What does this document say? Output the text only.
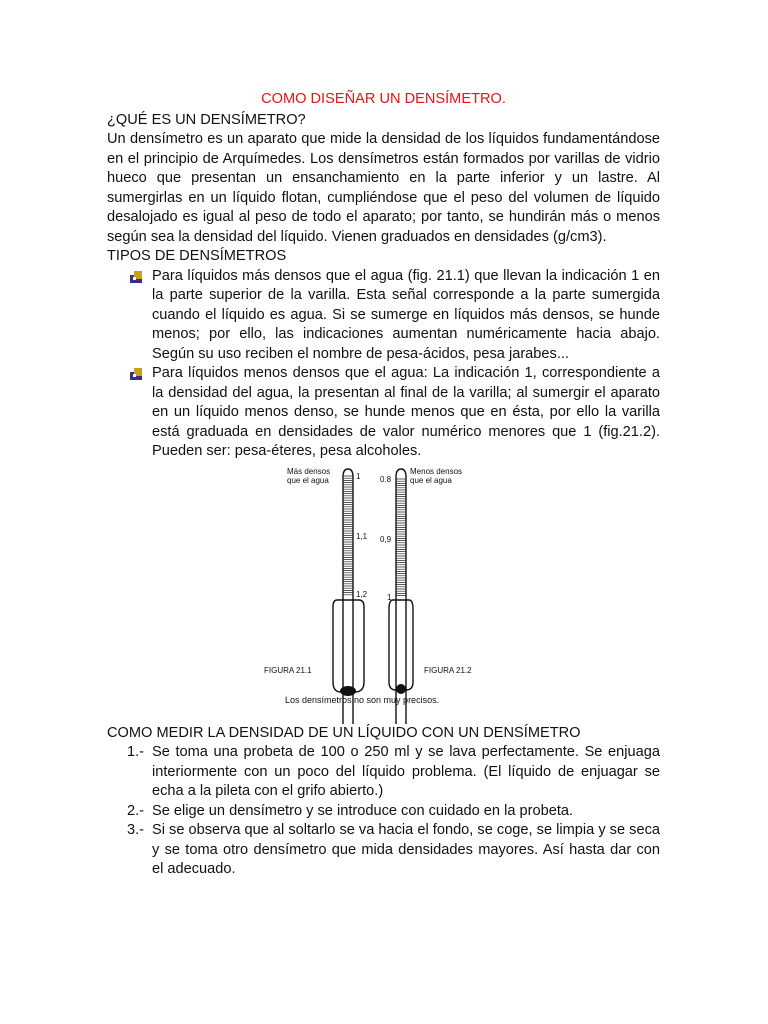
COMO DISEÑAR UN DENSÍMETRO.
¿QUÉ ES UN DENSÍMETRO?

Un densímetro es un aparato que mide la densidad de los líquidos fundamentándose en el principio de Arquímedes. Los densímetros están formados por varillas de vidrio hueco que presentan un ensanchamiento en la parte inferior y un lastre. Al sumergirlas en un líquido flotan, cumpliéndose que el peso del volumen de líquido desalojado es igual al peso de todo el aparato; por tanto, se hundirán más o menos según sea la densidad del líquido. Vienen graduados en densidades (g/cm3).

TIPOS DE DENSÍMETROS
Para líquidos más densos que el agua (fig. 21.1) que llevan la indicación 1 en la parte superior de la varilla. Esta señal corresponde a la parte sumergida cuando el líquido es agua. Si se sumerge en líquidos más densos, se hunde menos; por ello, las indicaciones aumentan numéricamente hacia abajo. Según su uso reciben el nombre de pesa-ácidos, pesa jarabes...
Para líquidos menos densos que el agua: La indicación 1, correspondiente a la densidad del agua, la presentan al final de la varilla; al sumergir el aparato en un líquido menos denso, se hunde menos que en ésta, por ello la varilla está graduada en densidades de valor numérico menores que 1 (fig.21.2). Pueden ser: pesa-éteres, pesa alcoholes.
Más densos
que el agua	1
1,1
1,2
FIGURA 21.1
0.8
0,9
1
Menos densos
que el agua
FIGURA 21.2
Los densímetros no son muy precisos.
COMO MEDIR LA DENSIDAD DE UN LÍQUIDO CON UN DENSÍMETRO
1.- Se toma una probeta de 100 o 250 ml y se lava perfectamente. Se enjuaga interiormente con un poco del líquido problema. (El líquido de enjuagar se echa a la pileta con el grifo abierto.)
2.- Se elige un densímetro y se introduce con cuidado en la probeta.
3.- Si se observa que al soltarlo se va hacia el fondo, se coge, se limpia y se seca y se toma otro densímetro que mida densidades mayores. Así hasta dar con el adecuado.
